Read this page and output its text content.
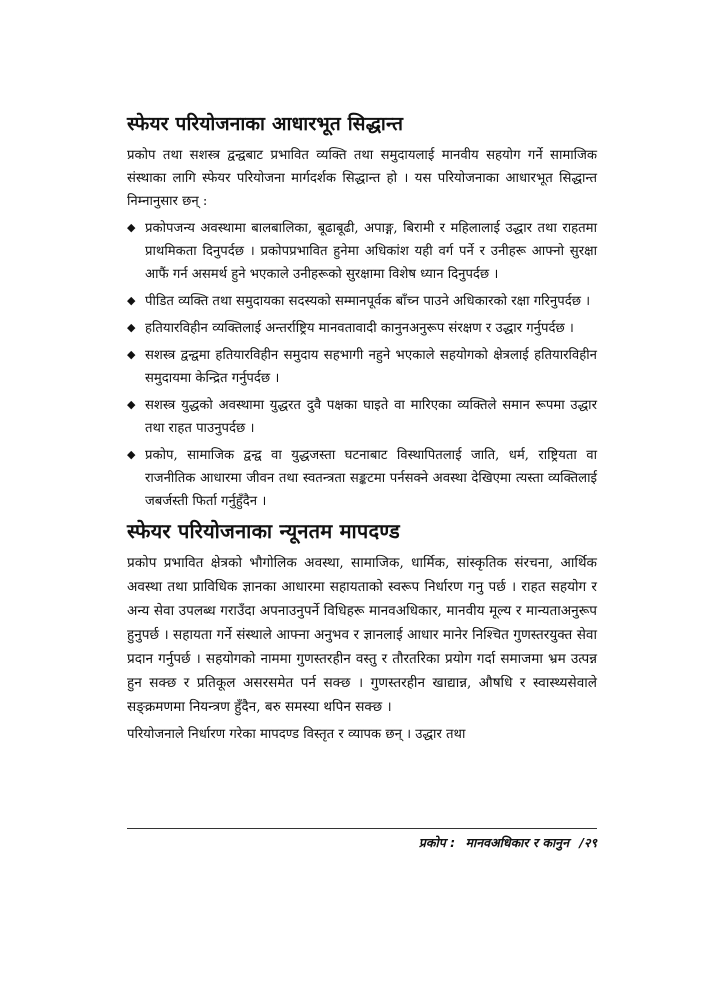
स्फेयर परियोजनाका आधारभूत सिद्धान्त

प्रकोप तथा सशस्त्र द्वन्द्वबाट प्रभावित व्यक्ति तथा समुदायलाई मानवीय सहयोग गर्ने सामाजिक संस्थाका लागि स्फेयर परियोजना मार्गदर्शक सिद्धान्त हो । यस परियोजनाका आधारभूत सिद्धान्त निम्नानुसार छन् :

◆ प्रकोपजन्य अवस्थामा बालबालिका, बूढाबूढी, अपाङ्ग, बिरामी र महिलालाई उद्धार तथा राहतमा प्राथमिकता दिनुपर्दछ । प्रकोपप्रभावित हुनेमा अधिकांश यही वर्ग पर्ने र उनीहरू आफ्नो सुरक्षा आफैं गर्न असमर्थ हुने भएकाले उनीहरूको सुरक्षामा विशेष ध्यान दिनुपर्दछ ।
◆ पीडित व्यक्ति तथा समुदायका सदस्यको सम्मानपूर्वक बाँच्न पाउने अधिकारको रक्षा गरिनुपर्दछ ।
◆ हतियारविहीन व्यक्तिलाई अन्तर्राष्ट्रिय मानवतावादी कानुनअनुरूप संरक्षण र उद्धार गर्नुपर्दछ ।
◆ सशस्त्र द्वन्द्वमा हतियारविहीन समुदाय सहभागी नहुने भएकाले सहयोगको क्षेत्रलाई हतियारविहीन समुदायमा केन्द्रित गर्नुपर्दछ ।
◆ सशस्त्र युद्धको अवस्थामा युद्धरत दुवै पक्षका घाइते वा मारिएका व्यक्तिले समान रूपमा उद्धार तथा राहत पाउनुपर्दछ ।
◆ प्रकोप, सामाजिक द्वन्द्व वा युद्धजस्ता घटनाबाट विस्थापितलाई जाति, धर्म, राष्ट्रियता वा राजनीतिक आधारमा जीवन तथा स्वतन्त्रता सङ्कटमा पर्नसक्ने अवस्था देखिएमा त्यस्ता व्यक्तिलाई जबर्जस्ती फिर्ता गर्नुहुँदैन ।
स्फेयर परियोजनाका न्यूनतम मापदण्ड

प्रकोप प्रभावित क्षेत्रको भौगोलिक अवस्था, सामाजिक, धार्मिक, सांस्कृतिक संरचना, आर्थिक अवस्था तथा प्राविधिक ज्ञानका आधारमा सहायताको स्वरूप निर्धारण गनु पर्छ । राहत सहयोग र अन्य सेवा उपलब्ध गराउँदा अपनाउनुपर्ने विधिहरू मानवअधिकार, मानवीय मूल्य र मान्यताअनुरूप हुनुपर्छ । सहायता गर्ने संस्थाले आफ्ना अनुभव र ज्ञानलाई आधार मानेर निश्चित गुणस्तरयुक्त सेवा प्रदान गर्नुपर्छ । सहयोगको नाममा गुणस्तरहीन वस्तु र तौरतरिका प्रयोग गर्दा समाजमा भ्रम उत्पन्न हुन सक्छ र प्रतिकूल असरसमेत पर्न सक्छ । गुणस्तरहीन खाद्यान्न, औषधि र स्वास्थ्यसेवाले सङ्क्रमणमा नियन्त्रण हुँदैन, बरु समस्या थपिन सक्छ ।

परियोजनाले निर्धारण गरेका मापदण्ड विस्तृत र व्यापक छन् । उद्धार तथा

प्रकोप : मानवअधिकार र कानुन /२९
